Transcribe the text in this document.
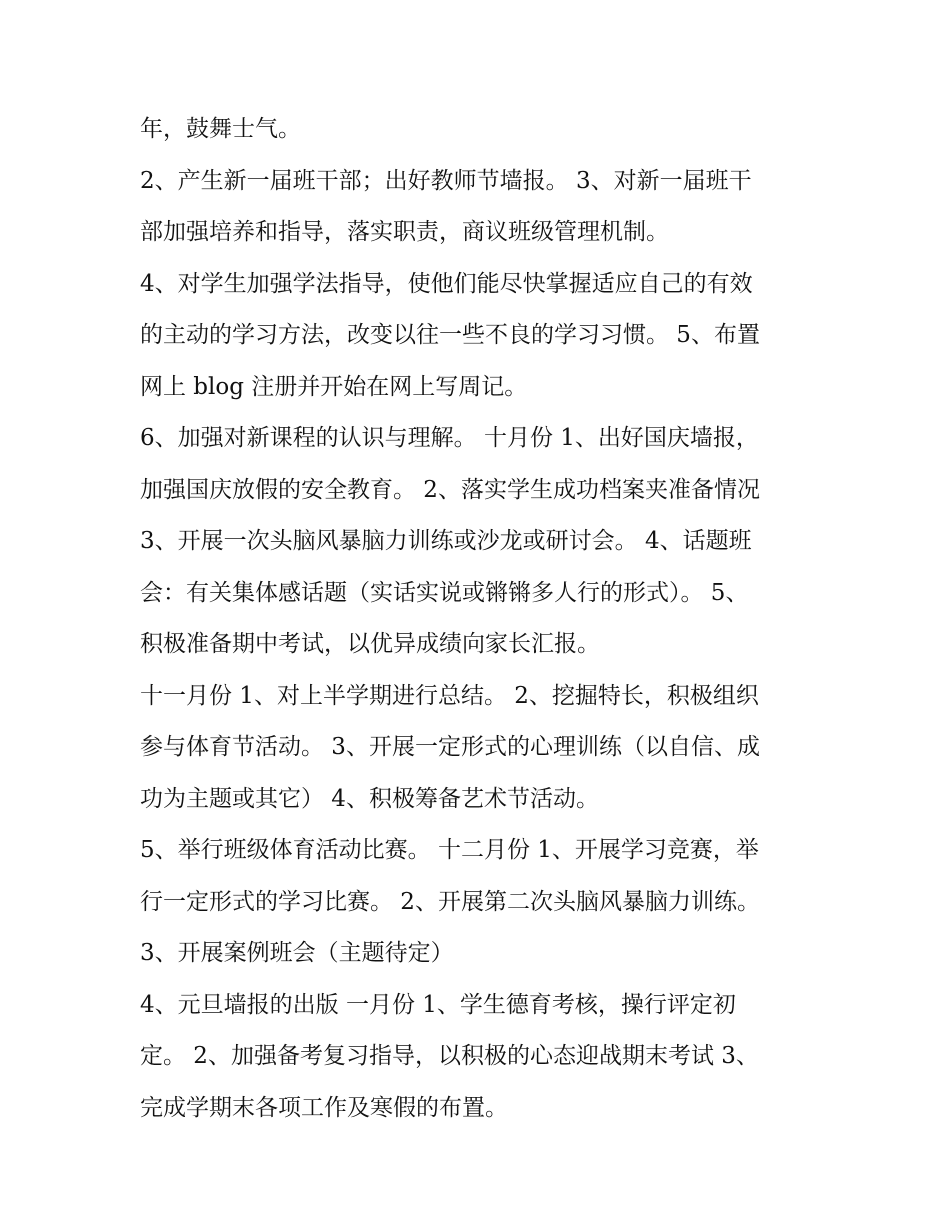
年，鼓舞士气。
2、产生新一届班干部；出好教师节墙报。 3、对新一届班干
部加强培养和指导，落实职责，商议班级管理机制。
4、对学生加强学法指导，使他们能尽快掌握适应自己的有效
的主动的学习方法，改变以往一些不良的学习习惯。 5、布置
网上 blog 注册并开始在网上写周记。
6、加强对新课程的认识与理解。 十月份 1、出好国庆墙报，
加强国庆放假的安全教育。 2、落实学生成功档案夹准备情况
3、开展一次头脑风暴脑力训练或沙龙或研讨会。 4、话题班
会：有关集体感话题（实话实说或锵锵多人行的形式）。 5、
积极准备期中考试，以优异成绩向家长汇报。
十一月份 1、对上半学期进行总结。 2、挖掘特长，积极组织
参与体育节活动。 3、开展一定形式的心理训练（以自信、成
功为主题或其它） 4、积极筹备艺术节活动。
5、举行班级体育活动比赛。 十二月份 1、开展学习竞赛，举
行一定形式的学习比赛。 2、开展第二次头脑风暴脑力训练。
3、开展案例班会（主题待定）
4、元旦墙报的出版 一月份 1、学生德育考核，操行评定初
定。 2、加强备考复习指导，以积极的心态迎战期末考试 3、
完成学期末各项工作及寒假的布置。
